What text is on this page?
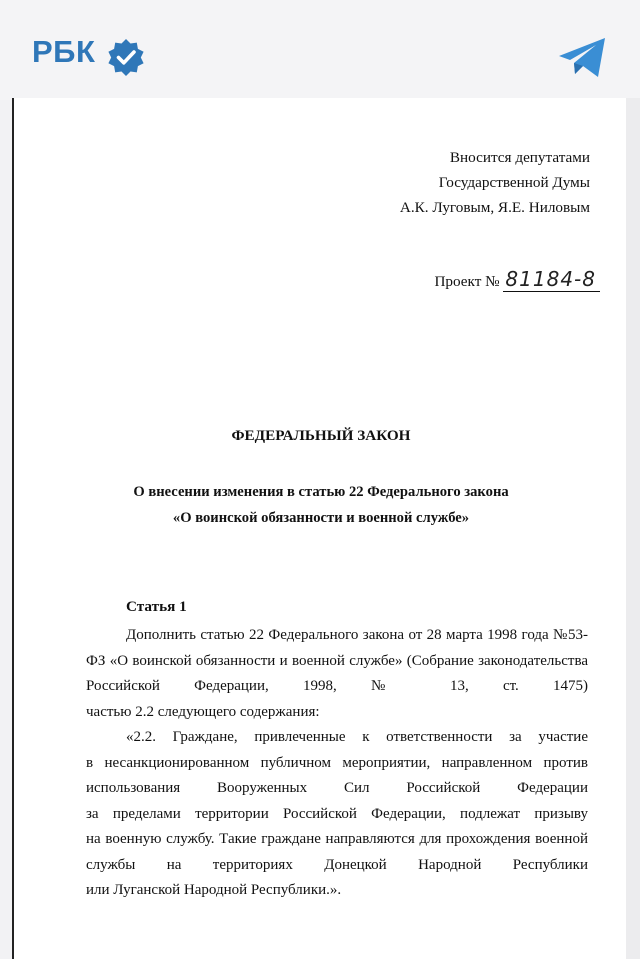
РБК
Вносится депутатами
Государственной Думы
А.К. Луговым, Я.Е. Ниловым
Проект № 81184-8
ФЕДЕРАЛЬНЫЙ ЗАКОН
О внесении изменения в статью 22 Федерального закона
«О воинской обязанности и военной службе»
Статья 1
Дополнить статью 22 Федерального закона от 28 марта 1998 года №53-
ФЗ «О воинской обязанности и военной службе» (Собрание законодательства
Российской Федерации, 1998, № 13, ст. 1475)
частью 2.2 следующего содержания:
«2.2. Граждане, привлеченные к ответственности за участие
в несанкционированном публичном мероприятии, направленном против
использования Вооруженных Сил Российской Федерации
за пределами территории Российской Федерации, подлежат призыву
на военную службу. Такие граждане направляются для прохождения военной
службы на территориях Донецкой Народной Республики
или Луганской Народной Республики.».
